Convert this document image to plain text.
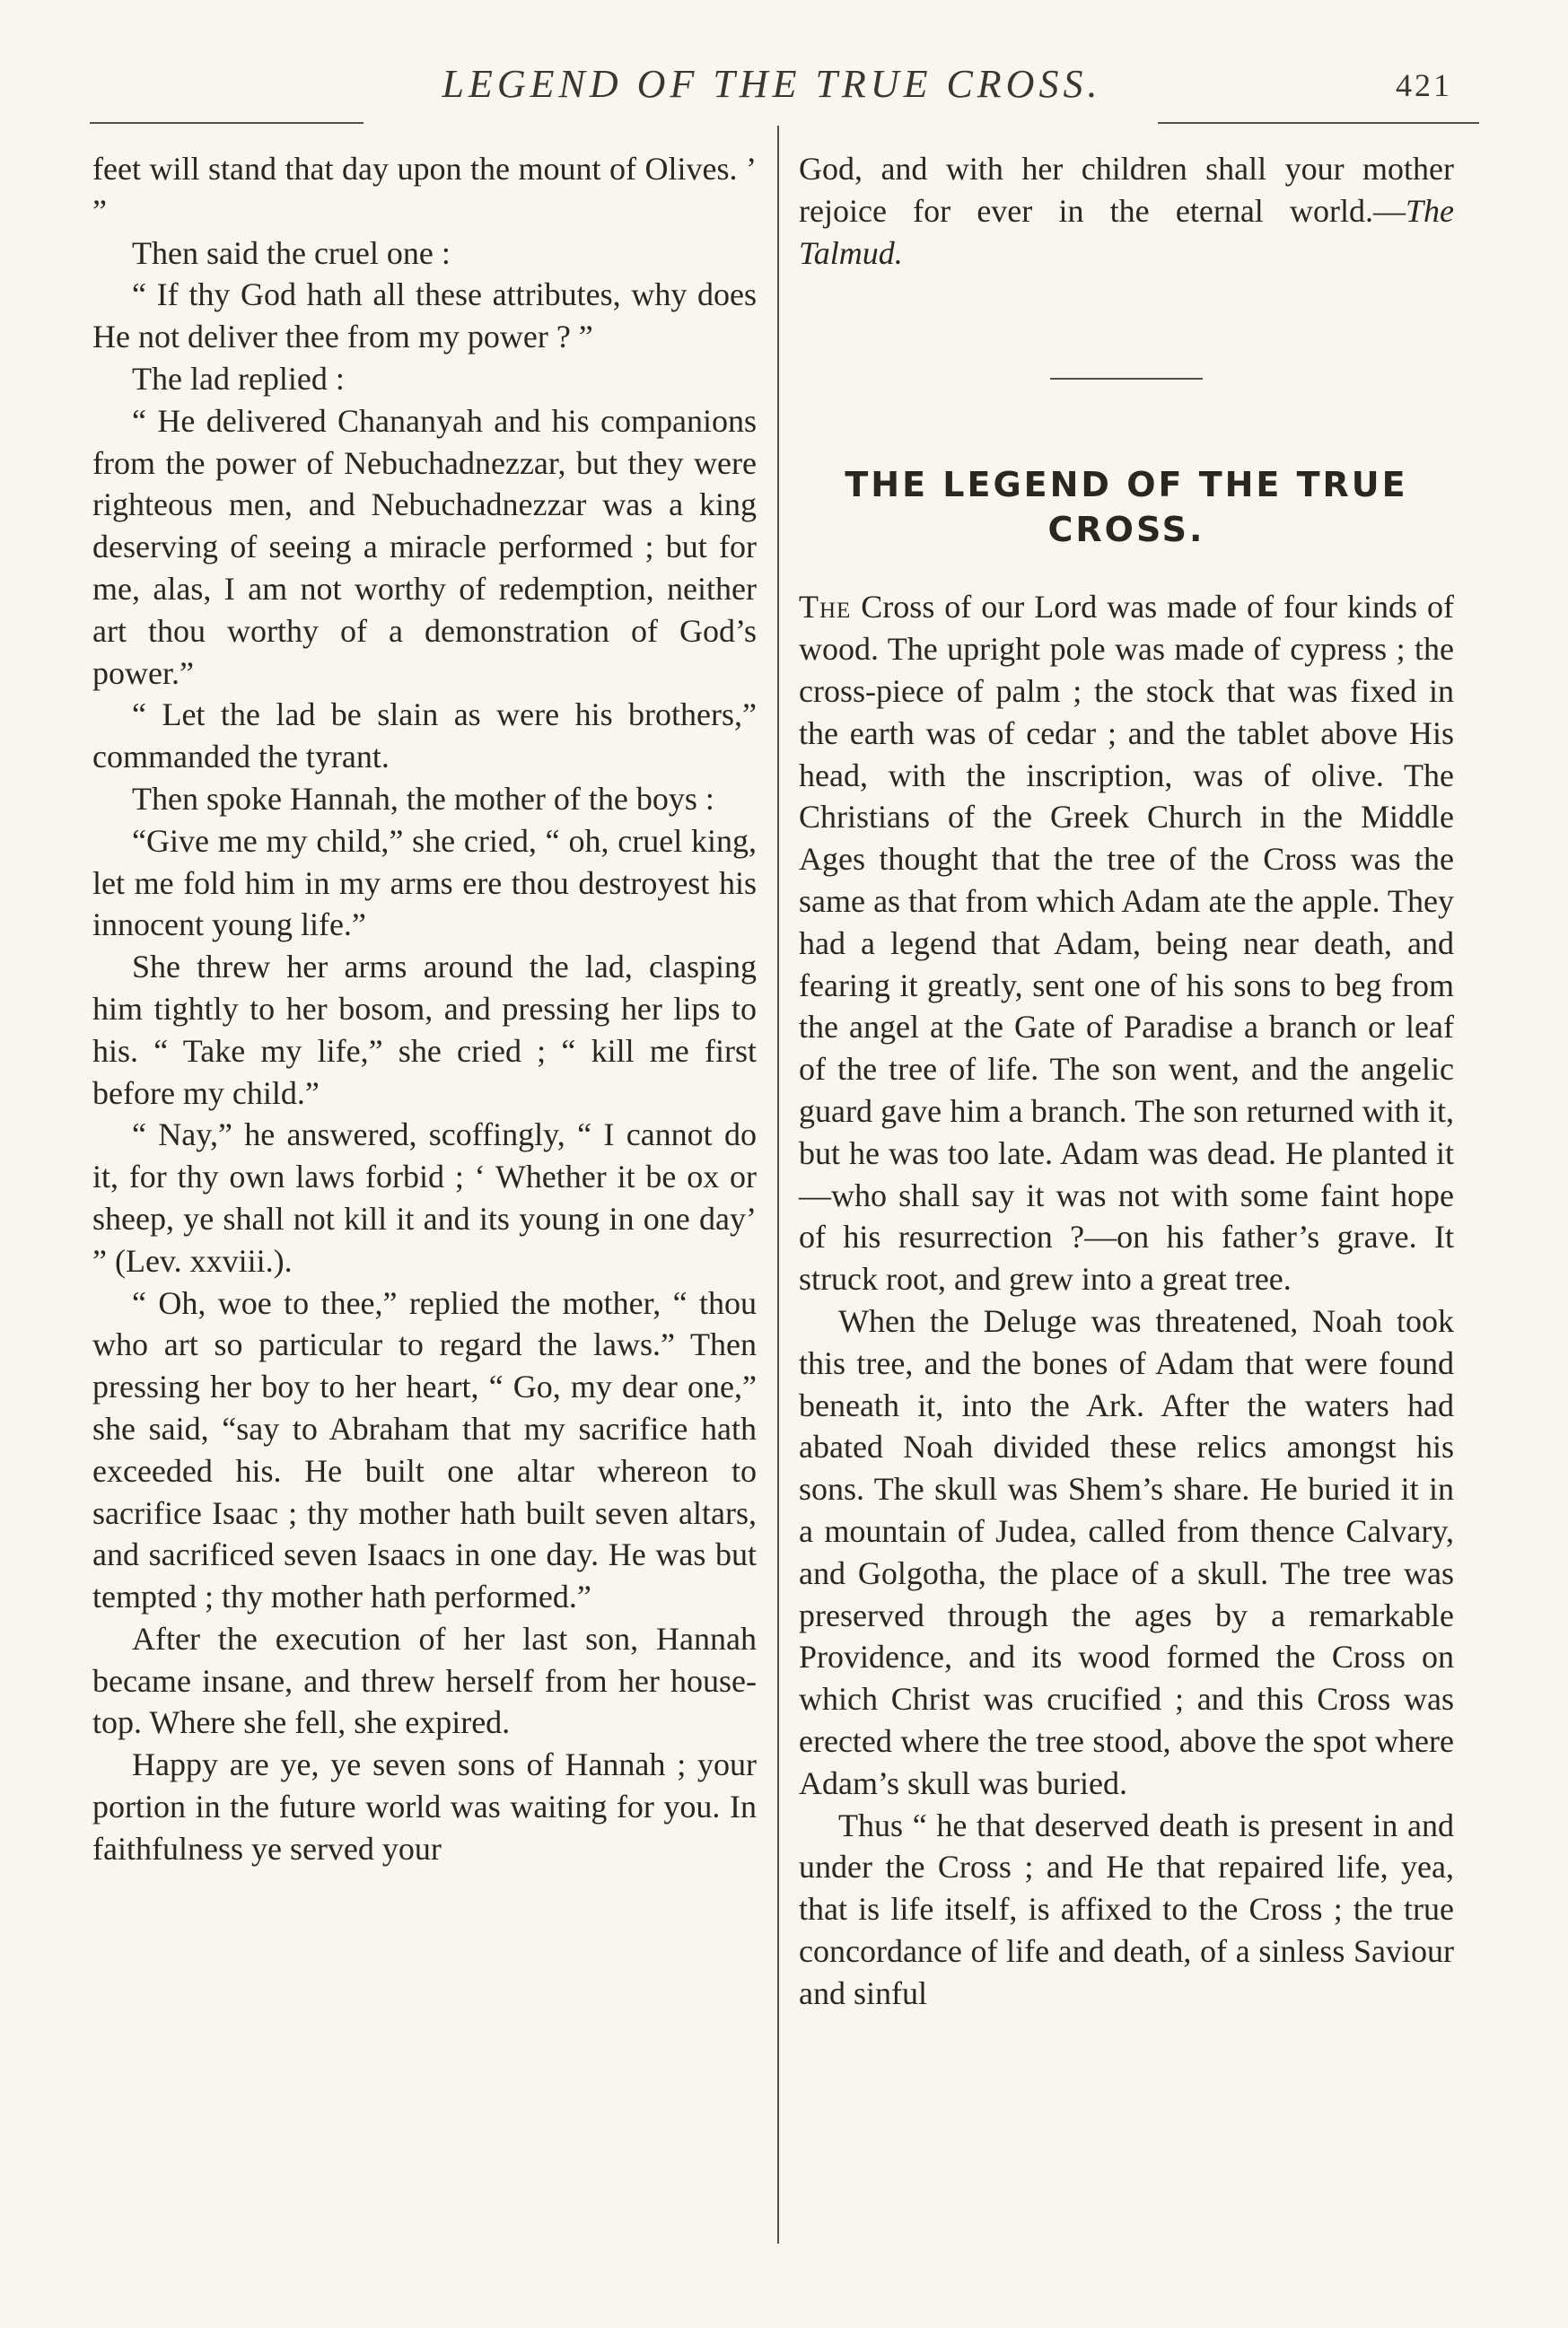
LEGEND OF THE TRUE CROSS.	421

feet will stand that day upon the mount of Olives. ’ ”

Then said the cruel one :

“ If thy God hath all these attributes, why does He not deliver thee from my power ? ”

The lad replied :

“ He delivered Chananyah and his companions from the power of Nebuchadnezzar, but they were righteous men, and Nebuchadnezzar was a king deserving of seeing a miracle performed ; but for me, alas, I am not worthy of redemption, neither art thou worthy of a demonstration of God’s power.”

“ Let the lad be slain as were his brothers,” commanded the tyrant.

Then spoke Hannah, the mother of the boys :

“Give me my child,” she cried, “ oh, cruel king, let me fold him in my arms ere thou destroyest his innocent young life.”

She threw her arms around the lad, clasping him tightly to her bosom, and pressing her lips to his. “ Take my life,” she cried ; “ kill me first before my child.”

“ Nay,” he answered, scoffingly, “ I cannot do it, for thy own laws forbid ; ‘ Whether it be ox or sheep, ye shall not kill it and its young in one day’ ” (Lev. xxviii.).

“ Oh, woe to thee,” replied the mother, “ thou who art so particular to regard the laws.” Then pressing her boy to her heart, “ Go, my dear one,” she said, “say to Abraham that my sacrifice hath exceeded his. He built one altar whereon to sacrifice Isaac ; thy mother hath built seven altars, and sacrificed seven Isaacs in one day. He was but tempted ; thy mother hath performed.”

After the execution of her last son, Hannah became insane, and threw herself from her house-top. Where she fell, she expired.

Happy are ye, ye seven sons of Hannah ; your portion in the future world was waiting for you. In faithfulness ye served your

God, and with her children shall your mother rejoice for ever in the eternal world.—The Talmud.

THE LEGEND OF THE TRUE CROSS.

The Cross of our Lord was made of four kinds of wood. The upright pole was made of cypress ; the cross-piece of palm ; the stock that was fixed in the earth was of cedar ; and the tablet above His head, with the inscription, was of olive. The Christians of the Greek Church in the Middle Ages thought that the tree of the Cross was the same as that from which Adam ate the apple. They had a legend that Adam, being near death, and fearing it greatly, sent one of his sons to beg from the angel at the Gate of Paradise a branch or leaf of the tree of life. The son went, and the angelic guard gave him a branch. The son returned with it, but he was too late. Adam was dead. He planted it—who shall say it was not with some faint hope of his resurrection ?—on his father’s grave. It struck root, and grew into a great tree.

When the Deluge was threatened, Noah took this tree, and the bones of Adam that were found beneath it, into the Ark. After the waters had abated Noah divided these relics amongst his sons. The skull was Shem’s share. He buried it in a mountain of Judea, called from thence Calvary, and Golgotha, the place of a skull. The tree was preserved through the ages by a remarkable Providence, and its wood formed the Cross on which Christ was crucified ; and this Cross was erected where the tree stood, above the spot where Adam’s skull was buried.

Thus “ he that deserved death is present in and under the Cross ; and He that repaired life, yea, that is life itself, is affixed to the Cross ; the true concordance of life and death, of a sinless Saviour and sinful
